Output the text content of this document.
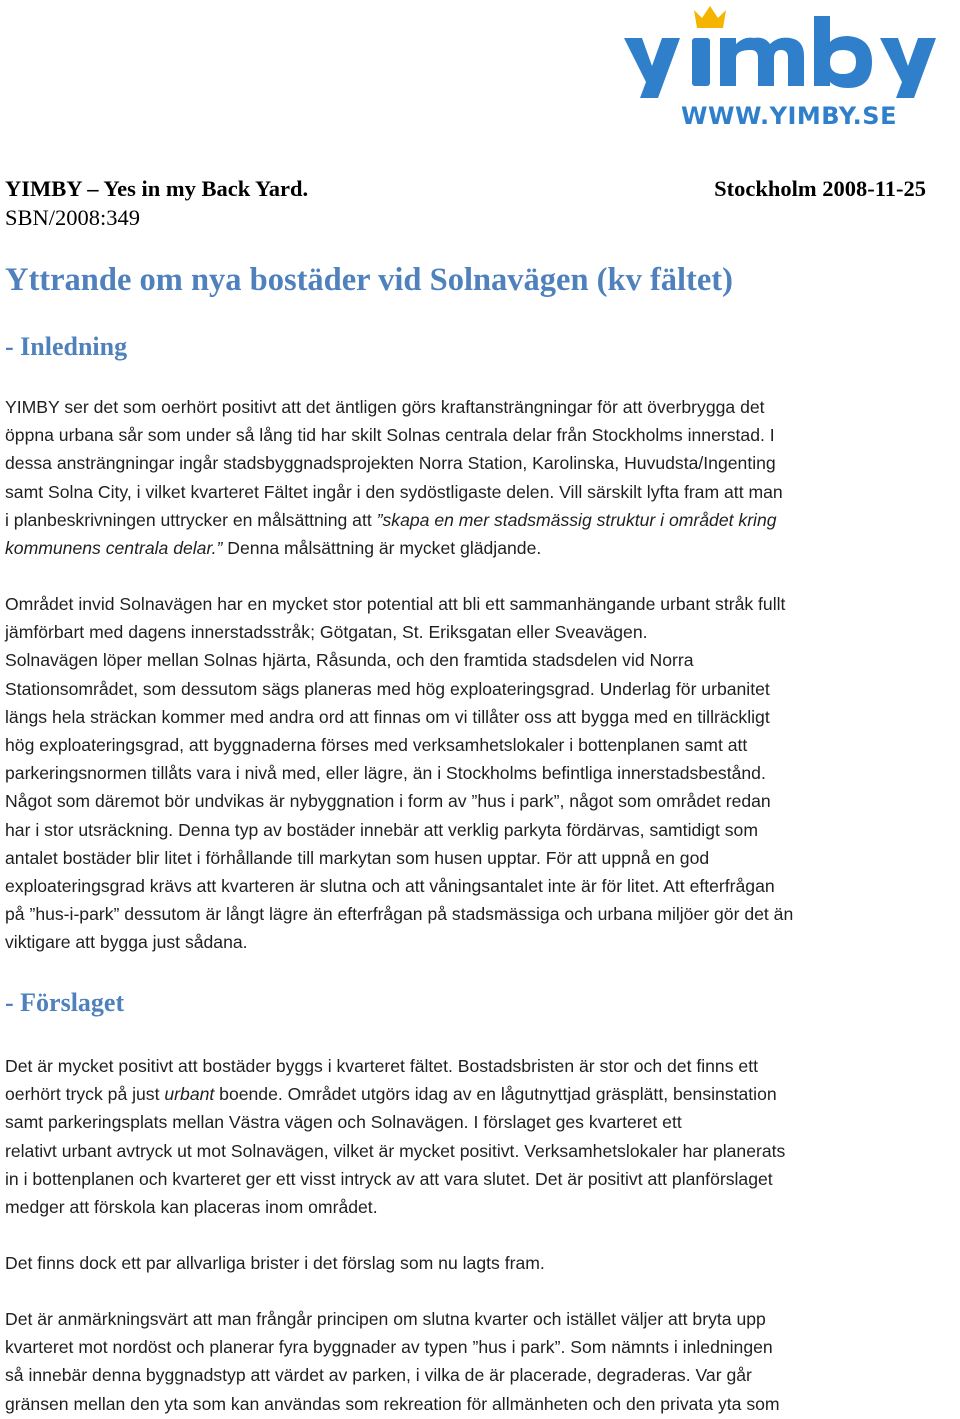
WWW.YIMBY.SE
YIMBY – Yes in my Back Yard.	Stockholm 2008-11-25
SBN/2008:349
Yttrande om nya bostäder vid Solnavägen (kv fältet)
- Inledning
YIMBY ser det som oerhört positivt att det äntligen görs kraftansträngningar för att överbrygga det
öppna urbana sår som under så lång tid har skilt Solnas centrala delar från Stockholms innerstad. I
dessa ansträngningar ingår stadsbyggnadsprojekten Norra Station, Karolinska, Huvudsta/Ingenting
samt Solna City, i vilket kvarteret Fältet ingår i den sydöstligaste delen. Vill särskilt lyfta fram att man
i planbeskrivningen uttrycker en målsättning att ”skapa en mer stadsmässig struktur i området kring
kommunens centrala delar.” Denna målsättning är mycket glädjande.
Området invid Solnavägen har en mycket stor potential att bli ett sammanhängande urbant stråk fullt
jämförbart med dagens innerstadsstråk; Götgatan, St. Eriksgatan eller Sveavägen.
Solnavägen löper mellan Solnas hjärta, Råsunda, och den framtida stadsdelen vid Norra
Stationsområdet, som dessutom sägs planeras med hög exploateringsgrad. Underlag för urbanitet
längs hela sträckan kommer med andra ord att finnas om vi tillåter oss att bygga med en tillräckligt
hög exploateringsgrad, att byggnaderna förses med verksamhetslokaler i bottenplanen samt att
parkeringsnormen tillåts vara i nivå med, eller lägre, än i Stockholms befintliga innerstadsbestånd.
Något som däremot bör undvikas är nybyggnation i form av ”hus i park”, något som området redan
har i stor utsräckning. Denna typ av bostäder innebär att verklig parkyta fördärvas, samtidigt som
antalet bostäder blir litet i förhållande till markytan som husen upptar. För att uppnå en god
exploateringsgrad krävs att kvarteren är slutna och att våningsantalet inte är för litet. Att efterfrågan
på ”hus-i-park” dessutom är långt lägre än efterfrågan på stadsmässiga och urbana miljöer gör det än
viktigare att bygga just sådana.
- Förslaget
Det är mycket positivt att bostäder byggs i kvarteret fältet. Bostadsbristen är stor och det finns ett
oerhört tryck på just urbant boende. Området utgörs idag av en lågutnyttjad gräsplätt, bensinstation
samt parkeringsplats mellan Västra vägen och Solnavägen. I förslaget ges kvarteret ett
relativt urbant avtryck ut mot Solnavägen, vilket är mycket positivt. Verksamhetslokaler har planerats
in i bottenplanen och kvarteret ger ett visst intryck av att vara slutet. Det är positivt att planförslaget
medger att förskola kan placeras inom området.
Det finns dock ett par allvarliga brister i det förslag som nu lagts fram.
Det är anmärkningsvärt att man frångår principen om slutna kvarter och istället väljer att bryta upp
kvarteret mot nordöst och planerar fyra byggnader av typen ”hus i park”. Som nämnts i inledningen
så innebär denna byggnadstyp att värdet av parken, i vilka de är placerade, degraderas. Var går
gränsen mellan den yta som kan användas som rekreation för allmänheten och den privata yta som
